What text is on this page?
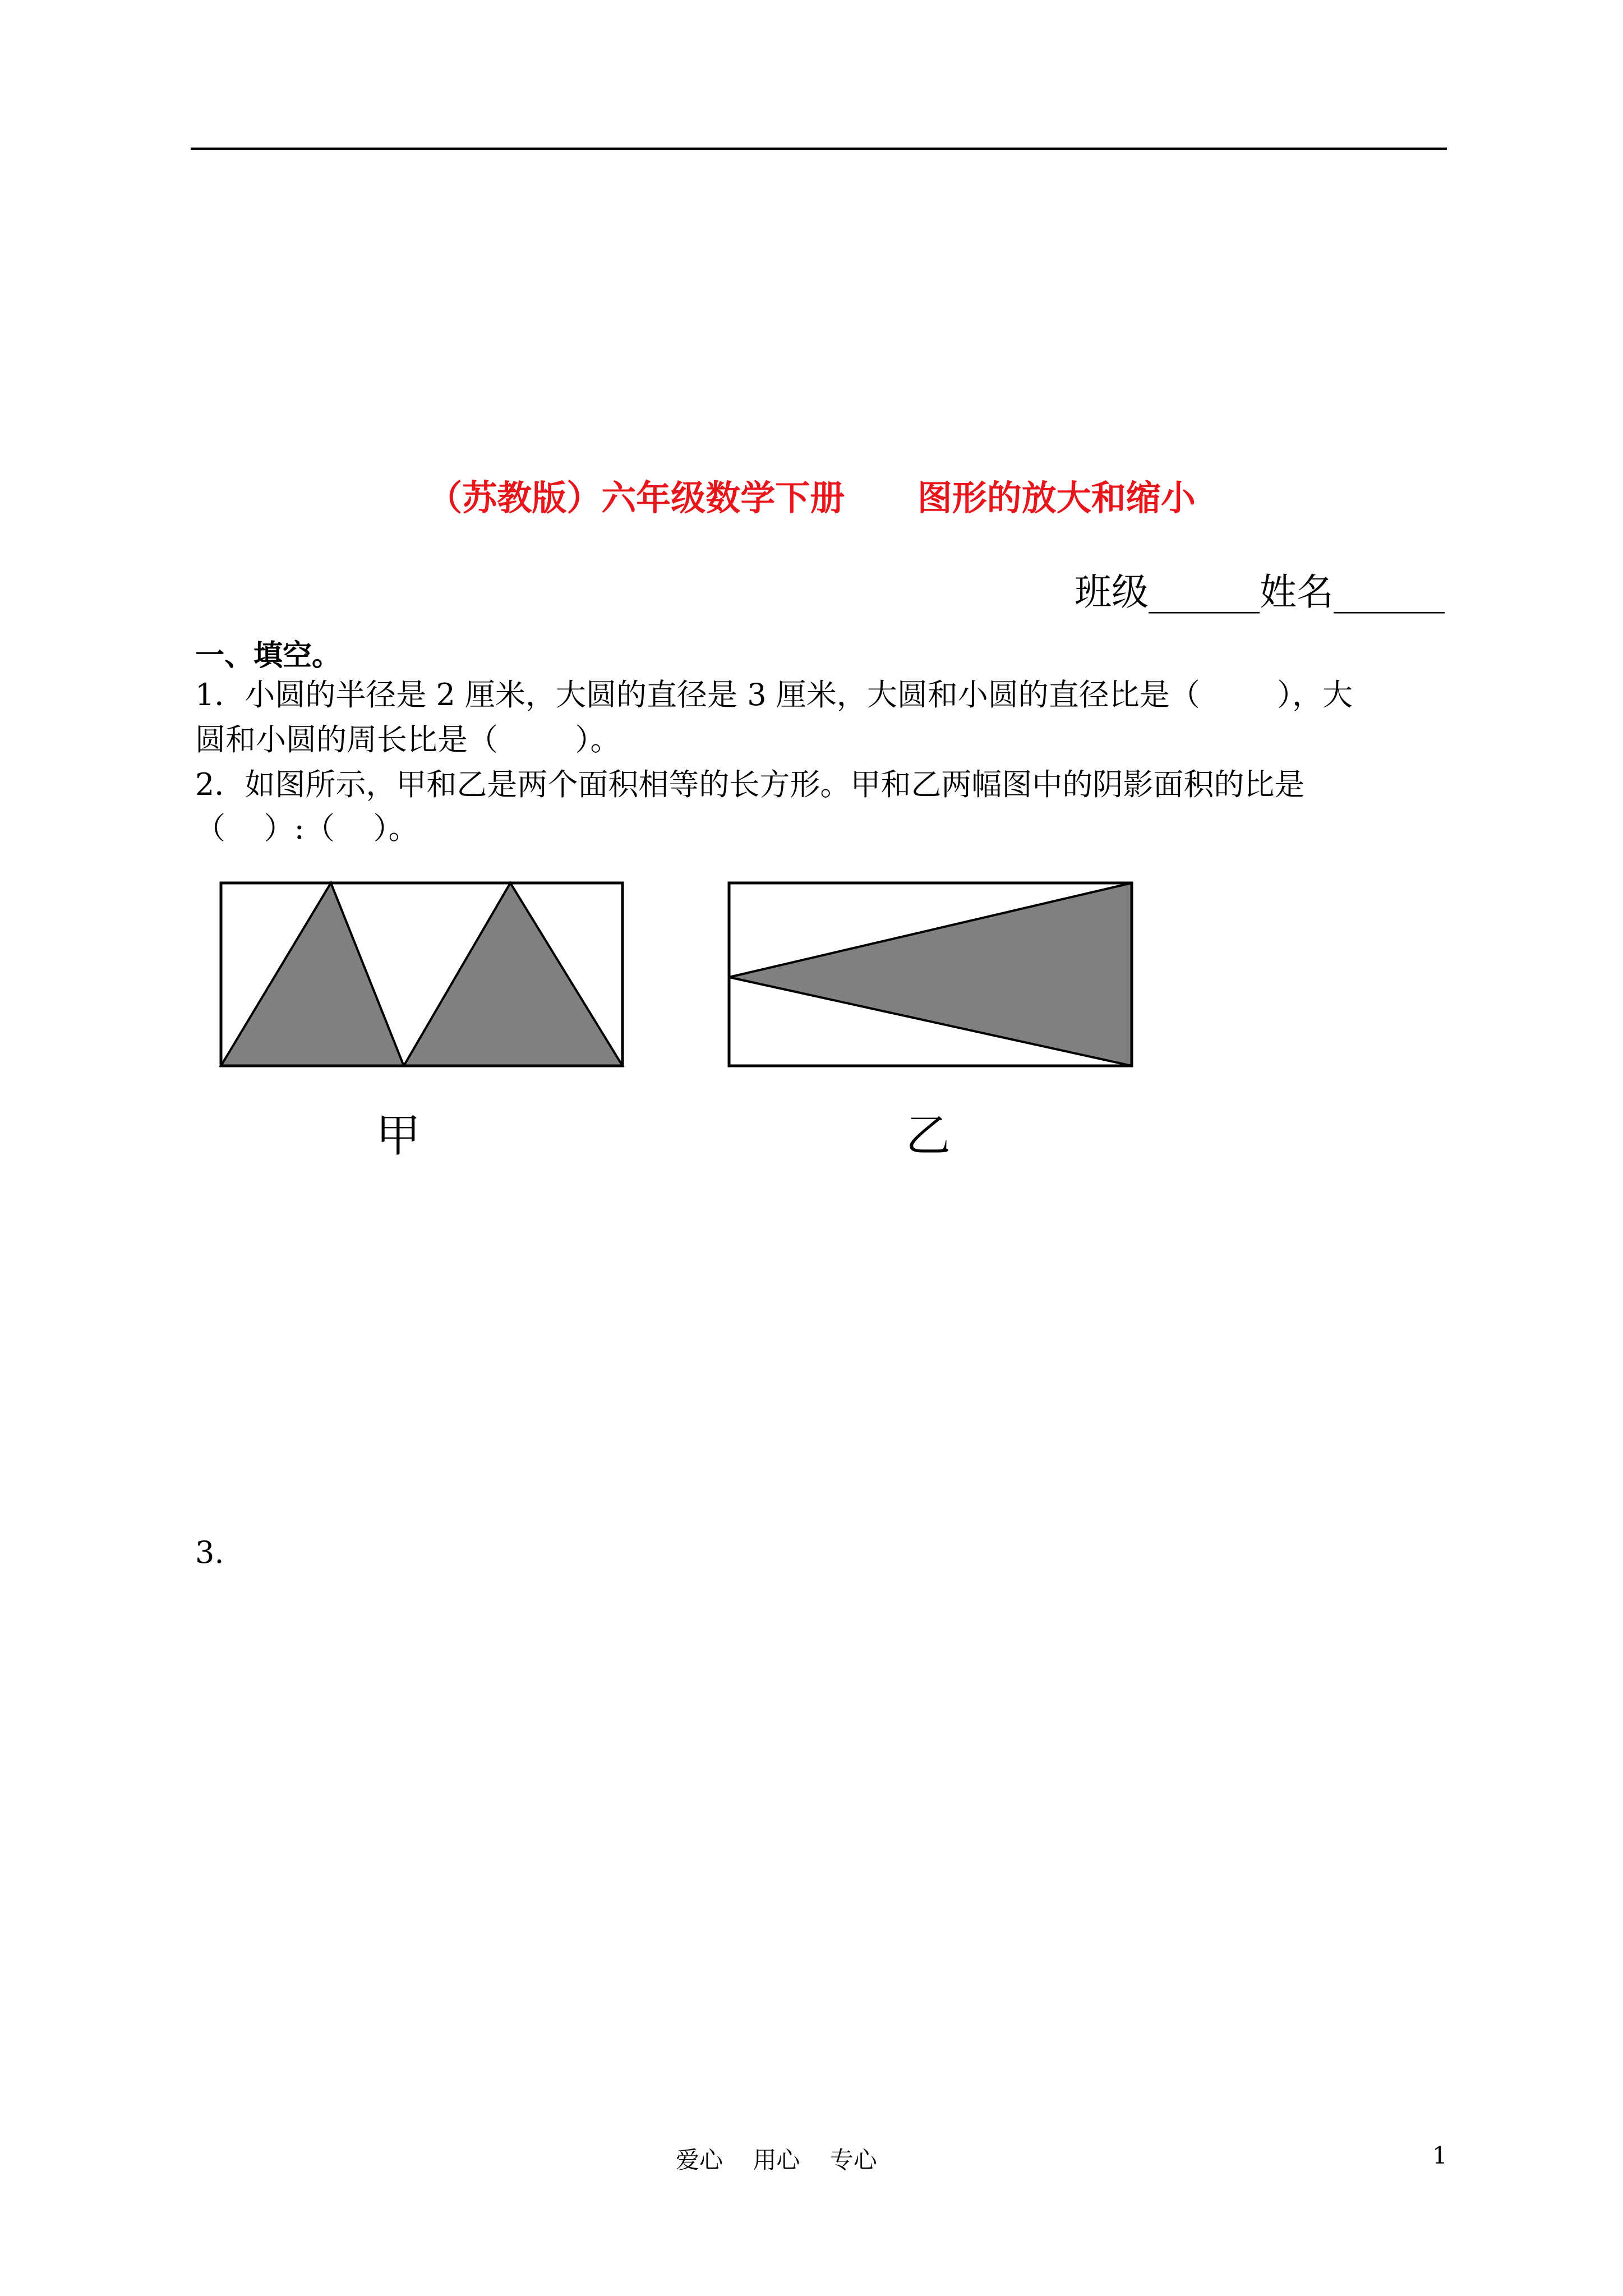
（苏教版）六年级数学下册      图形的放大和缩小
班级______姓名______
一、填空。
1．小圆的半径是 2 厘米，大圆的直径是 3 厘米，大圆和小圆的直径比是（        ），大
圆和小圆的周长比是（        ）。
2．如图所示，甲和乙是两个面积相等的长方形。甲和乙两幅图中的阴影面积的比是
（    ）:（    ）。
甲	乙
3.
爱心    用心    专心	1
